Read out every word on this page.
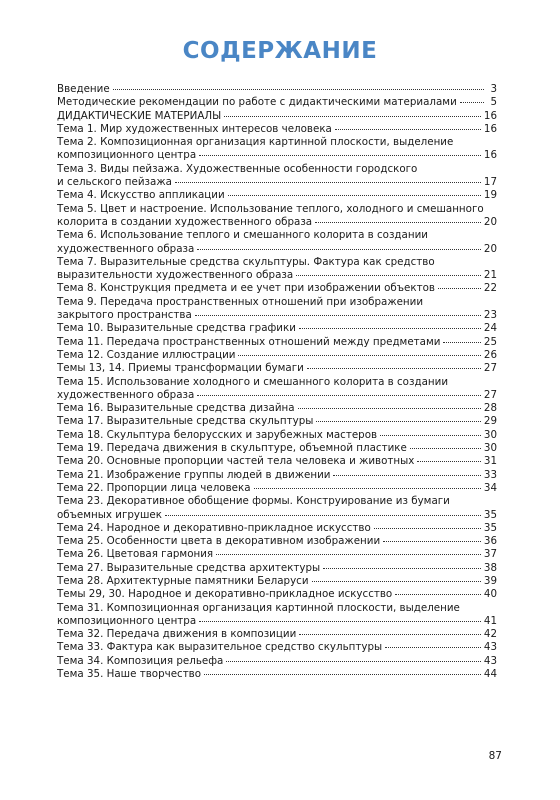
СОДЕРЖАНИЕ
Введение	3
Методические рекомендации по работе с дидактическими материалами	5
ДИДАКТИЧЕСКИЕ МАТЕРИАЛЫ	16
Тема 1. Мир художественных интересов человека	16
Тема 2. Композиционная организация картинной плоскости, выделение
композиционного центра	16
Тема 3. Виды пейзажа. Художественные особенности городского
и сельского пейзажа	17
Тема 4. Искусство аппликации	19
Тема 5. Цвет и настроение. Использование теплого, холодного и смешанного
колорита в создании художественного образа	20
Тема 6. Использование теплого и смешанного колорита в создании
художественного образа	20
Тема 7. Выразительные средства скульптуры. Фактура как средство
выразительности художественного образа	21
Тема 8. Конструкция предмета и ее учет при изображении объектов	22
Тема 9. Передача пространственных отношений при изображении
закрытого пространства	23
Тема 10. Выразительные средства графики	24
Тема 11. Передача пространственных отношений между предметами	25
Тема 12. Создание иллюстрации	26
Темы 13, 14. Приемы трансформации бумаги	27
Тема 15. Использование холодного и смешанного колорита в создании
художественного образа	27
Тема 16. Выразительные средства дизайна	28
Тема 17. Выразительные средства скульптуры	29
Тема 18. Скульптура белорусских и зарубежных мастеров	30
Тема 19. Передача движения в скульптуре, объемной пластике	30
Тема 20. Основные пропорции частей тела человека и животных	31
Тема 21. Изображение группы людей в движении	33
Тема 22. Пропорции лица человека	34
Тема 23. Декоративное обобщение формы. Конструирование из бумаги
объемных игрушек	35
Тема 24. Народное и декоративно-прикладное искусство	35
Тема 25. Особенности цвета в декоративном изображении	36
Тема 26. Цветовая гармония	37
Тема 27. Выразительные средства архитектуры	38
Тема 28. Архитектурные памятники Беларуси	39
Темы 29, 30. Народное и декоративно-прикладное искусство	40
Тема 31. Композиционная организация картинной плоскости, выделение
композиционного центра	41
Тема 32. Передача движения в композиции	42
Тема 33. Фактура как выразительное средство скульптуры	43
Тема 34. Композиция рельефа	43
Тема 35. Наше творчество	44
87
